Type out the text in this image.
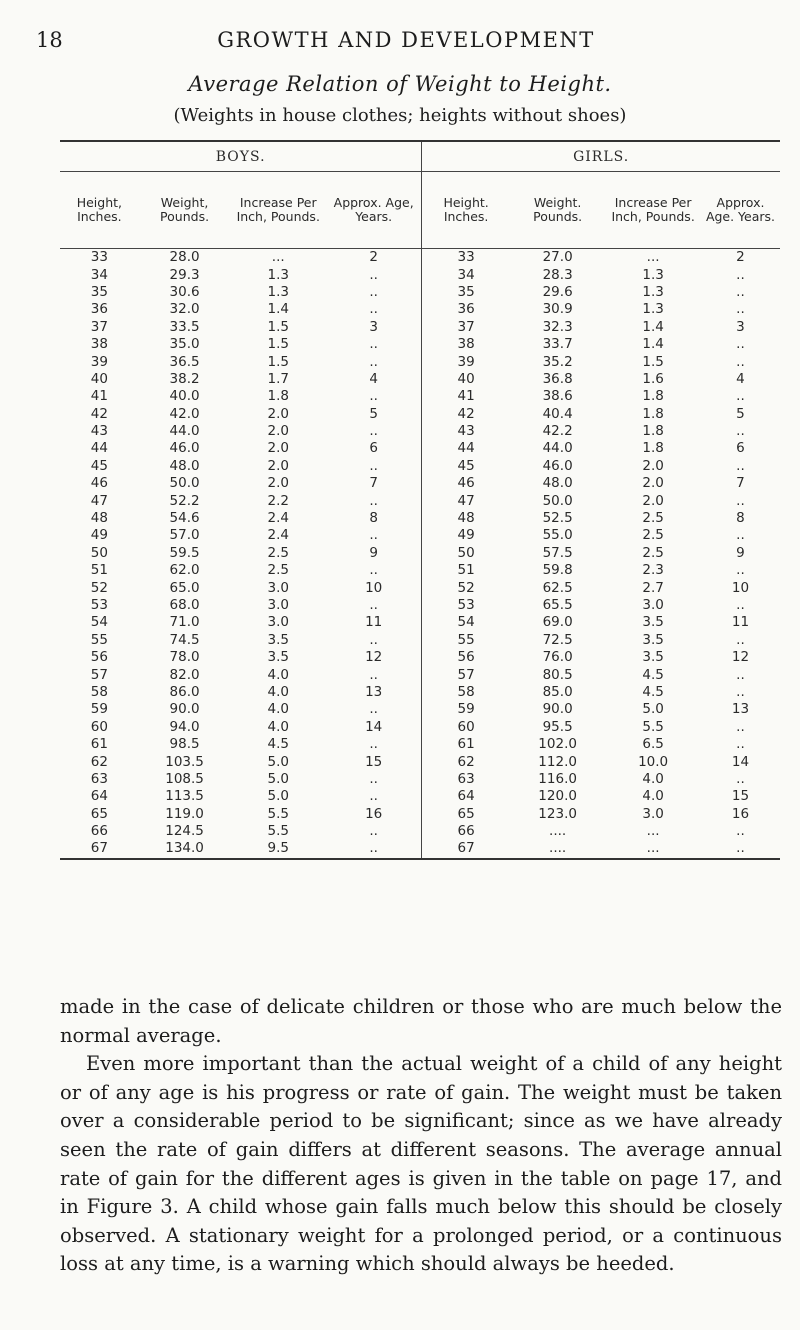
18	GROWTH AND DEVELOPMENT
Average Relation of Weight to Height.
(Weights in house clothes; heights without shoes)
BOYS.				GIRLS.			
Height, Inches.	Weight, Pounds.	Increase Per Inch, Pounds.	Approx. Age, Years.	Height. Inches.	Weight. Pounds.	Increase Per Inch, Pounds.	Approx. Age. Years.
33	28.0	...	2	33	27.0	...	2
34	29.3	1.3	..	34	28.3	1.3	..
35	30.6	1.3	..	35	29.6	1.3	..
36	32.0	1.4	..	36	30.9	1.3	..
37	33.5	1.5	3	37	32.3	1.4	3
38	35.0	1.5	..	38	33.7	1.4	..
39	36.5	1.5	..	39	35.2	1.5	..
40	38.2	1.7	4	40	36.8	1.6	4
41	40.0	1.8	..	41	38.6	1.8	..
42	42.0	2.0	5	42	40.4	1.8	5
43	44.0	2.0	..	43	42.2	1.8	..
44	46.0	2.0	6	44	44.0	1.8	6
45	48.0	2.0	..	45	46.0	2.0	..
46	50.0	2.0	7	46	48.0	2.0	7
47	52.2	2.2	..	47	50.0	2.0	..
48	54.6	2.4	8	48	52.5	2.5	8
49	57.0	2.4	..	49	55.0	2.5	..
50	59.5	2.5	9	50	57.5	2.5	9
51	62.0	2.5	..	51	59.8	2.3	..
52	65.0	3.0	10	52	62.5	2.7	10
53	68.0	3.0	..	53	65.5	3.0	..
54	71.0	3.0	11	54	69.0	3.5	11
55	74.5	3.5	..	55	72.5	3.5	..
56	78.0	3.5	12	56	76.0	3.5	12
57	82.0	4.0	..	57	80.5	4.5	..
58	86.0	4.0	13	58	85.0	4.5	..
59	90.0	4.0	..	59	90.0	5.0	13
60	94.0	4.0	14	60	95.5	5.5	..
61	98.5	4.5	..	61	102.0	6.5	..
62	103.5	5.0	15	62	112.0	10.0	14
63	108.5	5.0	..	63	116.0	4.0	..
64	113.5	5.0	..	64	120.0	4.0	15
65	119.0	5.5	16	65	123.0	3.0	16
66	124.5	5.5	..	66	....	...	..
67	134.0	9.5	..	67	....	...	..

made in the case of delicate children or those who are much below the normal average.

Even more important than the actual weight of a child of any height or of any age is his progress or rate of gain. The weight must be taken over a considerable period to be significant; since as we have already seen the rate of gain differs at different seasons. The average annual rate of gain for the different ages is given in the table on page 17, and in Figure 3. A child whose gain falls much below this should be closely observed. A stationary weight for a prolonged period, or a continuous loss at any time, is a warning which should always be heeded.
